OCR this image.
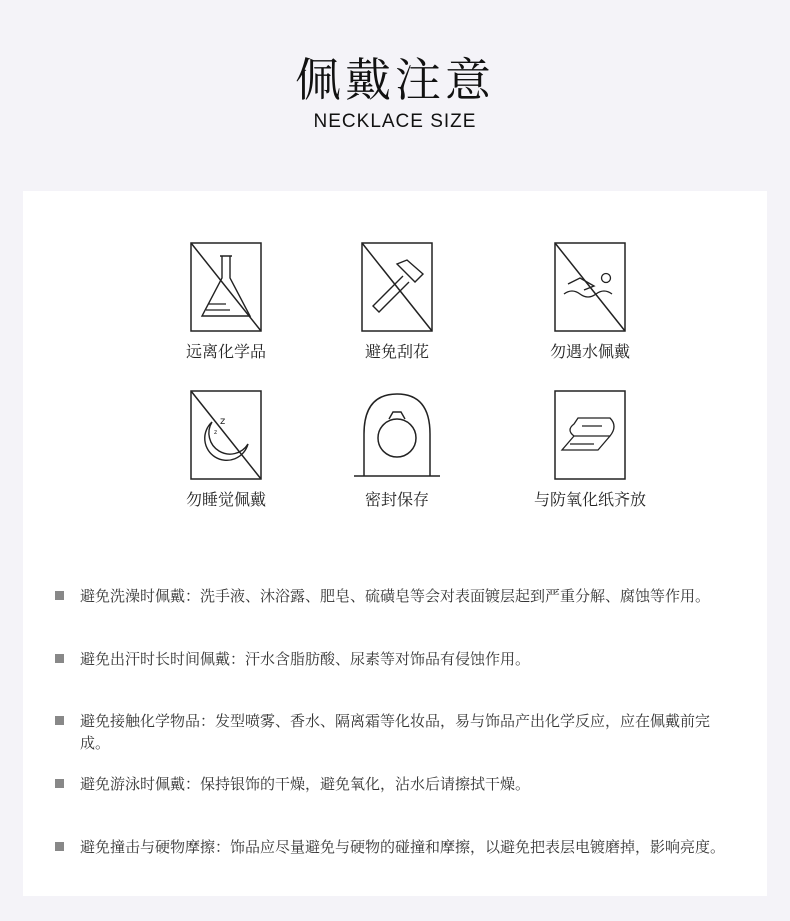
佩戴注意
NECKLACE SIZE
远离化学品	避免刮花	勿遇水佩戴
z
z
勿睡觉佩戴	密封保存	与防氧化纸齐放
避免洗澡时佩戴：洗手液、沐浴露、肥皂、硫磺皂等会对表面镀层起到严重分解、腐蚀等作用。
避免出汗时长时间佩戴：汗水含脂肪酸、尿素等对饰品有侵蚀作用。
避免接触化学物品：发型喷雾、香水、隔离霜等化妆品，易与饰品产出化学反应，应在佩戴前完成。
避免游泳时佩戴：保持银饰的干燥，避免氧化，沾水后请擦拭干燥。
避免撞击与硬物摩擦：饰品应尽量避免与硬物的碰撞和摩擦，以避免把表层电镀磨掉，影响亮度。
